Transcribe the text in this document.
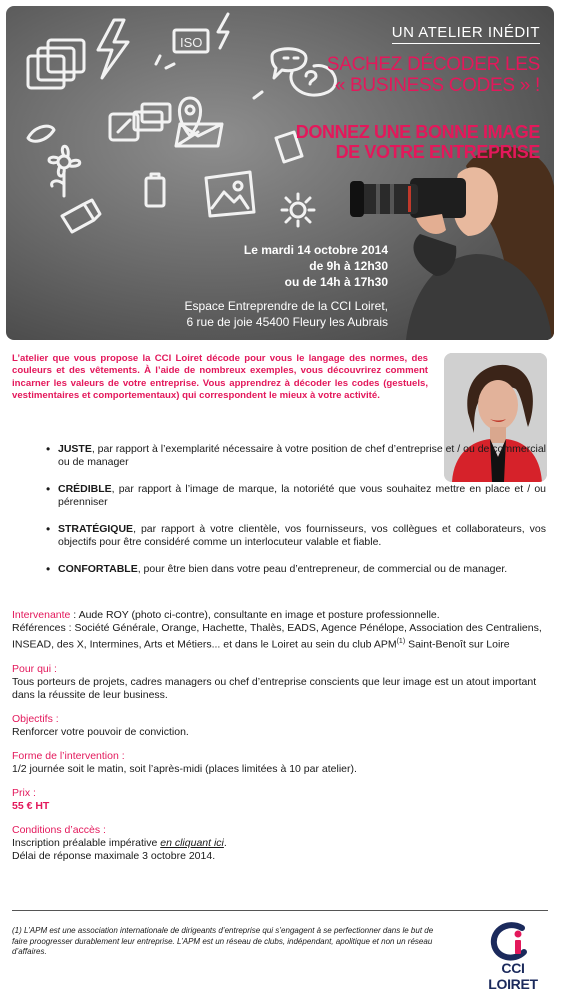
ISO
UN ATELIER INÉDIT
SACHEZ DÉCODER LES
« BUSINESS CODES » !
DONNEZ UNE BONNE IMAGE
DE VOTRE ENTREPRISE
Le mardi 14 octobre 2014
de 9h à 12h30
ou de 14h à 17h30
Espace Entreprendre de la CCI Loiret,
6 rue de joie 45400 Fleury les Aubrais

L’atelier que vous propose la CCI Loiret décode pour vous le langage des normes, des couleurs et des vêtements. À l’aide de nombreux exemples, vous découvrirez comment incarner les valeurs de votre entreprise. Vous apprendrez à décoder les codes (gestuels, vestimentaires et comportementaux) qui correspondent le mieux à votre activité.

• JUSTE, par rapport à l’exemplarité nécessaire à votre position de chef d’entreprise et / ou de commercial ou de manager
• CRÉDIBLE, par rapport à l’image de marque, la notoriété que vous souhaitez mettre en place et / ou pérenniser
• STRATÉGIQUE, par rapport à votre clientèle, vos fournisseurs, vos collègues et collaborateurs, vos objectifs pour être considéré comme un interlocuteur valable et fiable.
• CONFORTABLE, pour être bien dans votre peau d’entrepreneur, de commercial ou de manager.
Intervenante : Aude ROY (photo ci-contre), consultante en image et posture professionnelle.
Références : Société Générale, Orange, Hachette, Thalès, EADS, Agence Pénélope, Association des Centraliens, INSEAD, des X, Intermines, Arts et Métiers... et dans le Loiret au sein du club APM$^{(1)}$ Saint-Benoît sur Loire
Pour qui :
Tous porteurs de projets, cadres managers ou chef d’entreprise conscients que leur image est un atout important dans la réussite de leur business.
Objectifs :
Renforcer votre pouvoir de conviction.
Forme de l’intervention :
1/2 journée soit le matin, soit l’après-midi (places limitées à 10 par atelier).
Prix :
55 € HT
Conditions d’accès :
Inscription préalable impérative en cliquant ici.
Délai de réponse maximale 3 octobre 2014.

(1) L’APM est une association internationale de dirigeants d’entreprise qui s’engagent à se perfectionner dans le but de faire proogresser durablement leur entreprise. L’APM est un réseau de clubs, indépendant, apolitique et non un réseau d’affaires.

CCI LOIRET
